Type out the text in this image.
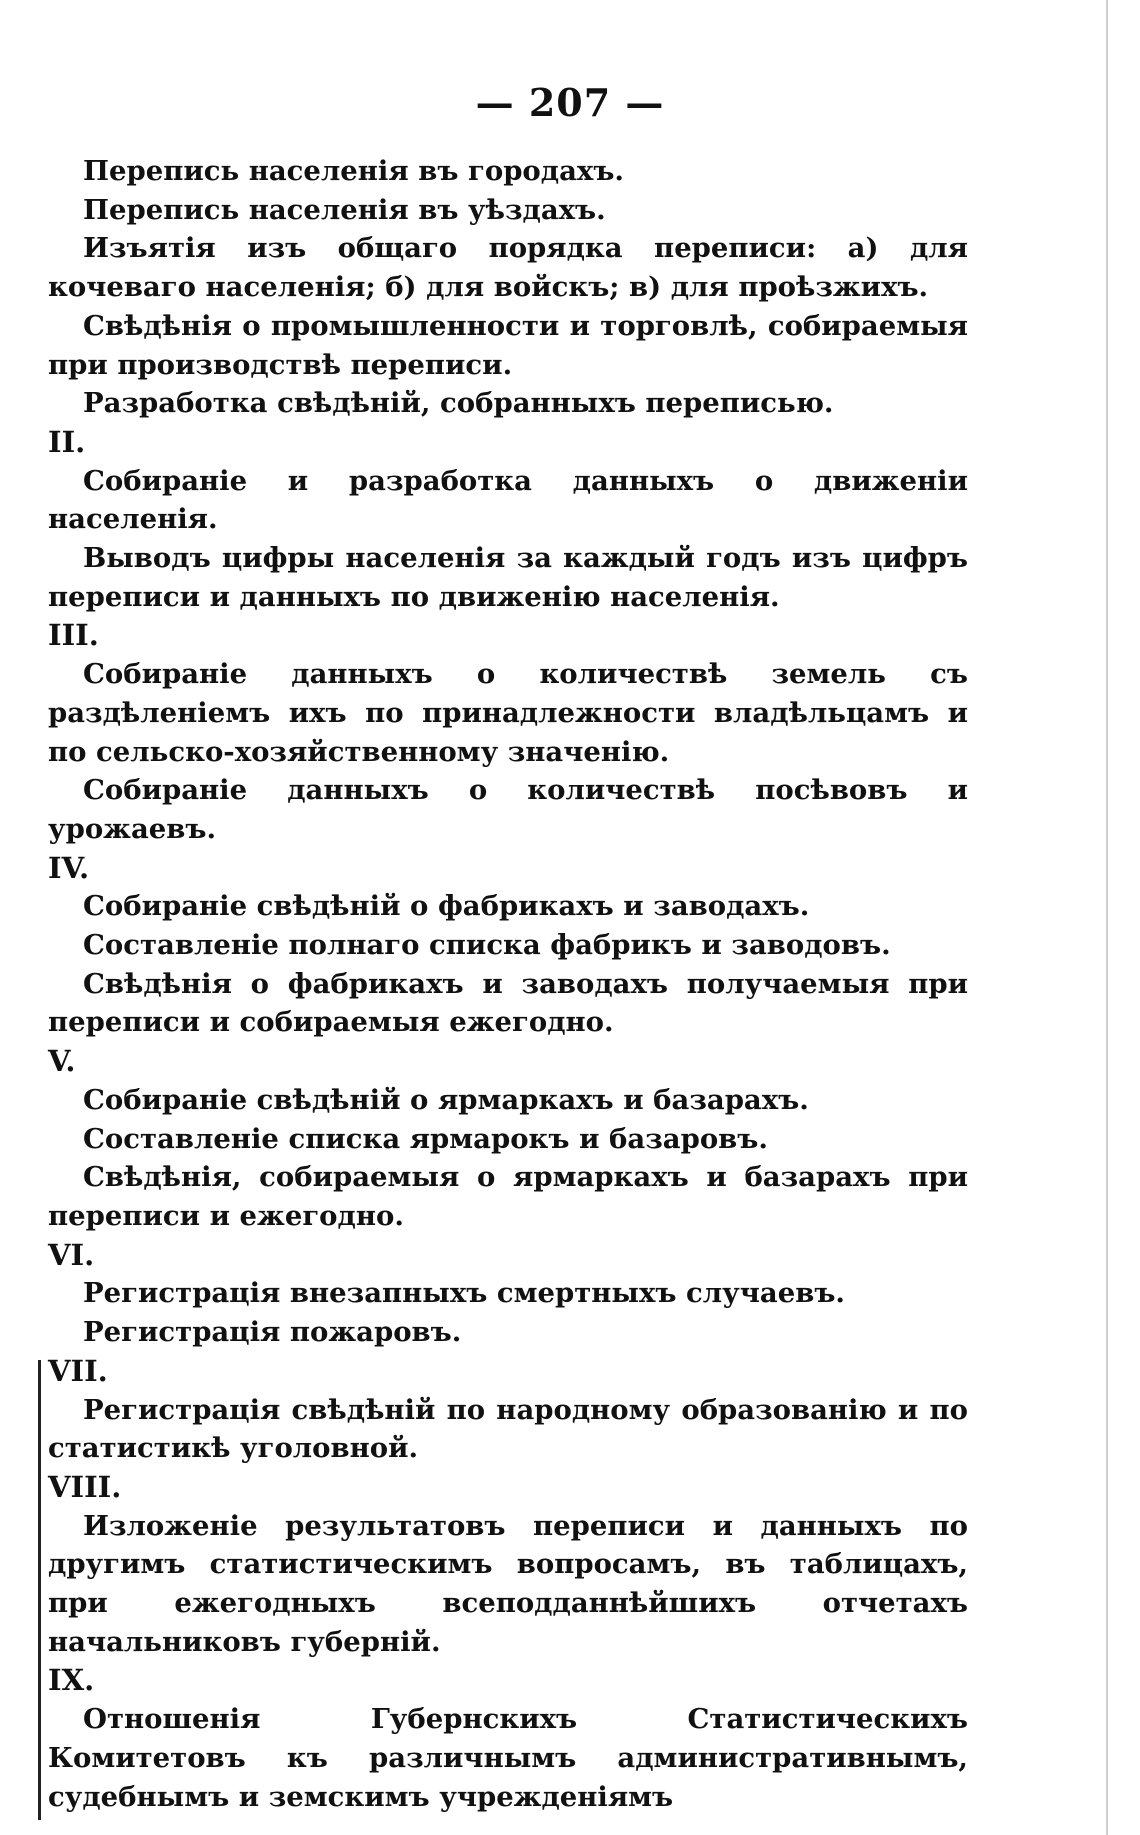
— 207 —

Перепись населенія въ городахъ.

Перепись населенія въ уѣздахъ.

Изъятія изъ общаго порядка переписи: а) для кочеваго населенія; б) для войскъ; в) для проѣзжихъ.

Свѣдѣнія о промышленности и торговлѣ, собираемыя при производствѣ переписи.

Разработка свѣдѣній, собранныхъ переписью.

II.

Собираніе и разработка данныхъ о движеніи населенія.

Выводъ цифры населенія за каждый годъ изъ цифръ переписи и данныхъ по движенію населенія.

III.

Собираніе данныхъ о количествѣ земель съ раздѣленіемъ ихъ по принадлежности владѣльцамъ и по сельско-хозяйственному значенію.

Собираніе данныхъ о количествѣ посѣвовъ и урожаевъ.

IV.

Собираніе свѣдѣній о фабрикахъ и заводахъ.

Составленіе полнаго списка фабрикъ и заводовъ.

Свѣдѣнія о фабрикахъ и заводахъ получаемыя при переписи и собираемыя ежегодно.

V.

Собираніе свѣдѣній о ярмаркахъ и базарахъ.

Составленіе списка ярмарокъ и базаровъ.

Свѣдѣнія, собираемыя о ярмаркахъ и базарахъ при переписи и ежегодно.

VI.

Регистрація внезапныхъ смертныхъ случаевъ.

Регистрація пожаровъ.

VII.

Регистрація свѣдѣній по народному образованію и по статистикѣ уголовной.

VIII.

Изложеніе результатовъ переписи и данныхъ по другимъ статистическимъ вопросамъ, въ таблицахъ, при ежегодныхъ всеподданнѣйшихъ отчетахъ начальниковъ губерній.

IX.

Отношенія Губернскихъ Статистическихъ Комитетовъ къ различнымъ административнымъ, судебнымъ и земскимъ учрежденіямъ
